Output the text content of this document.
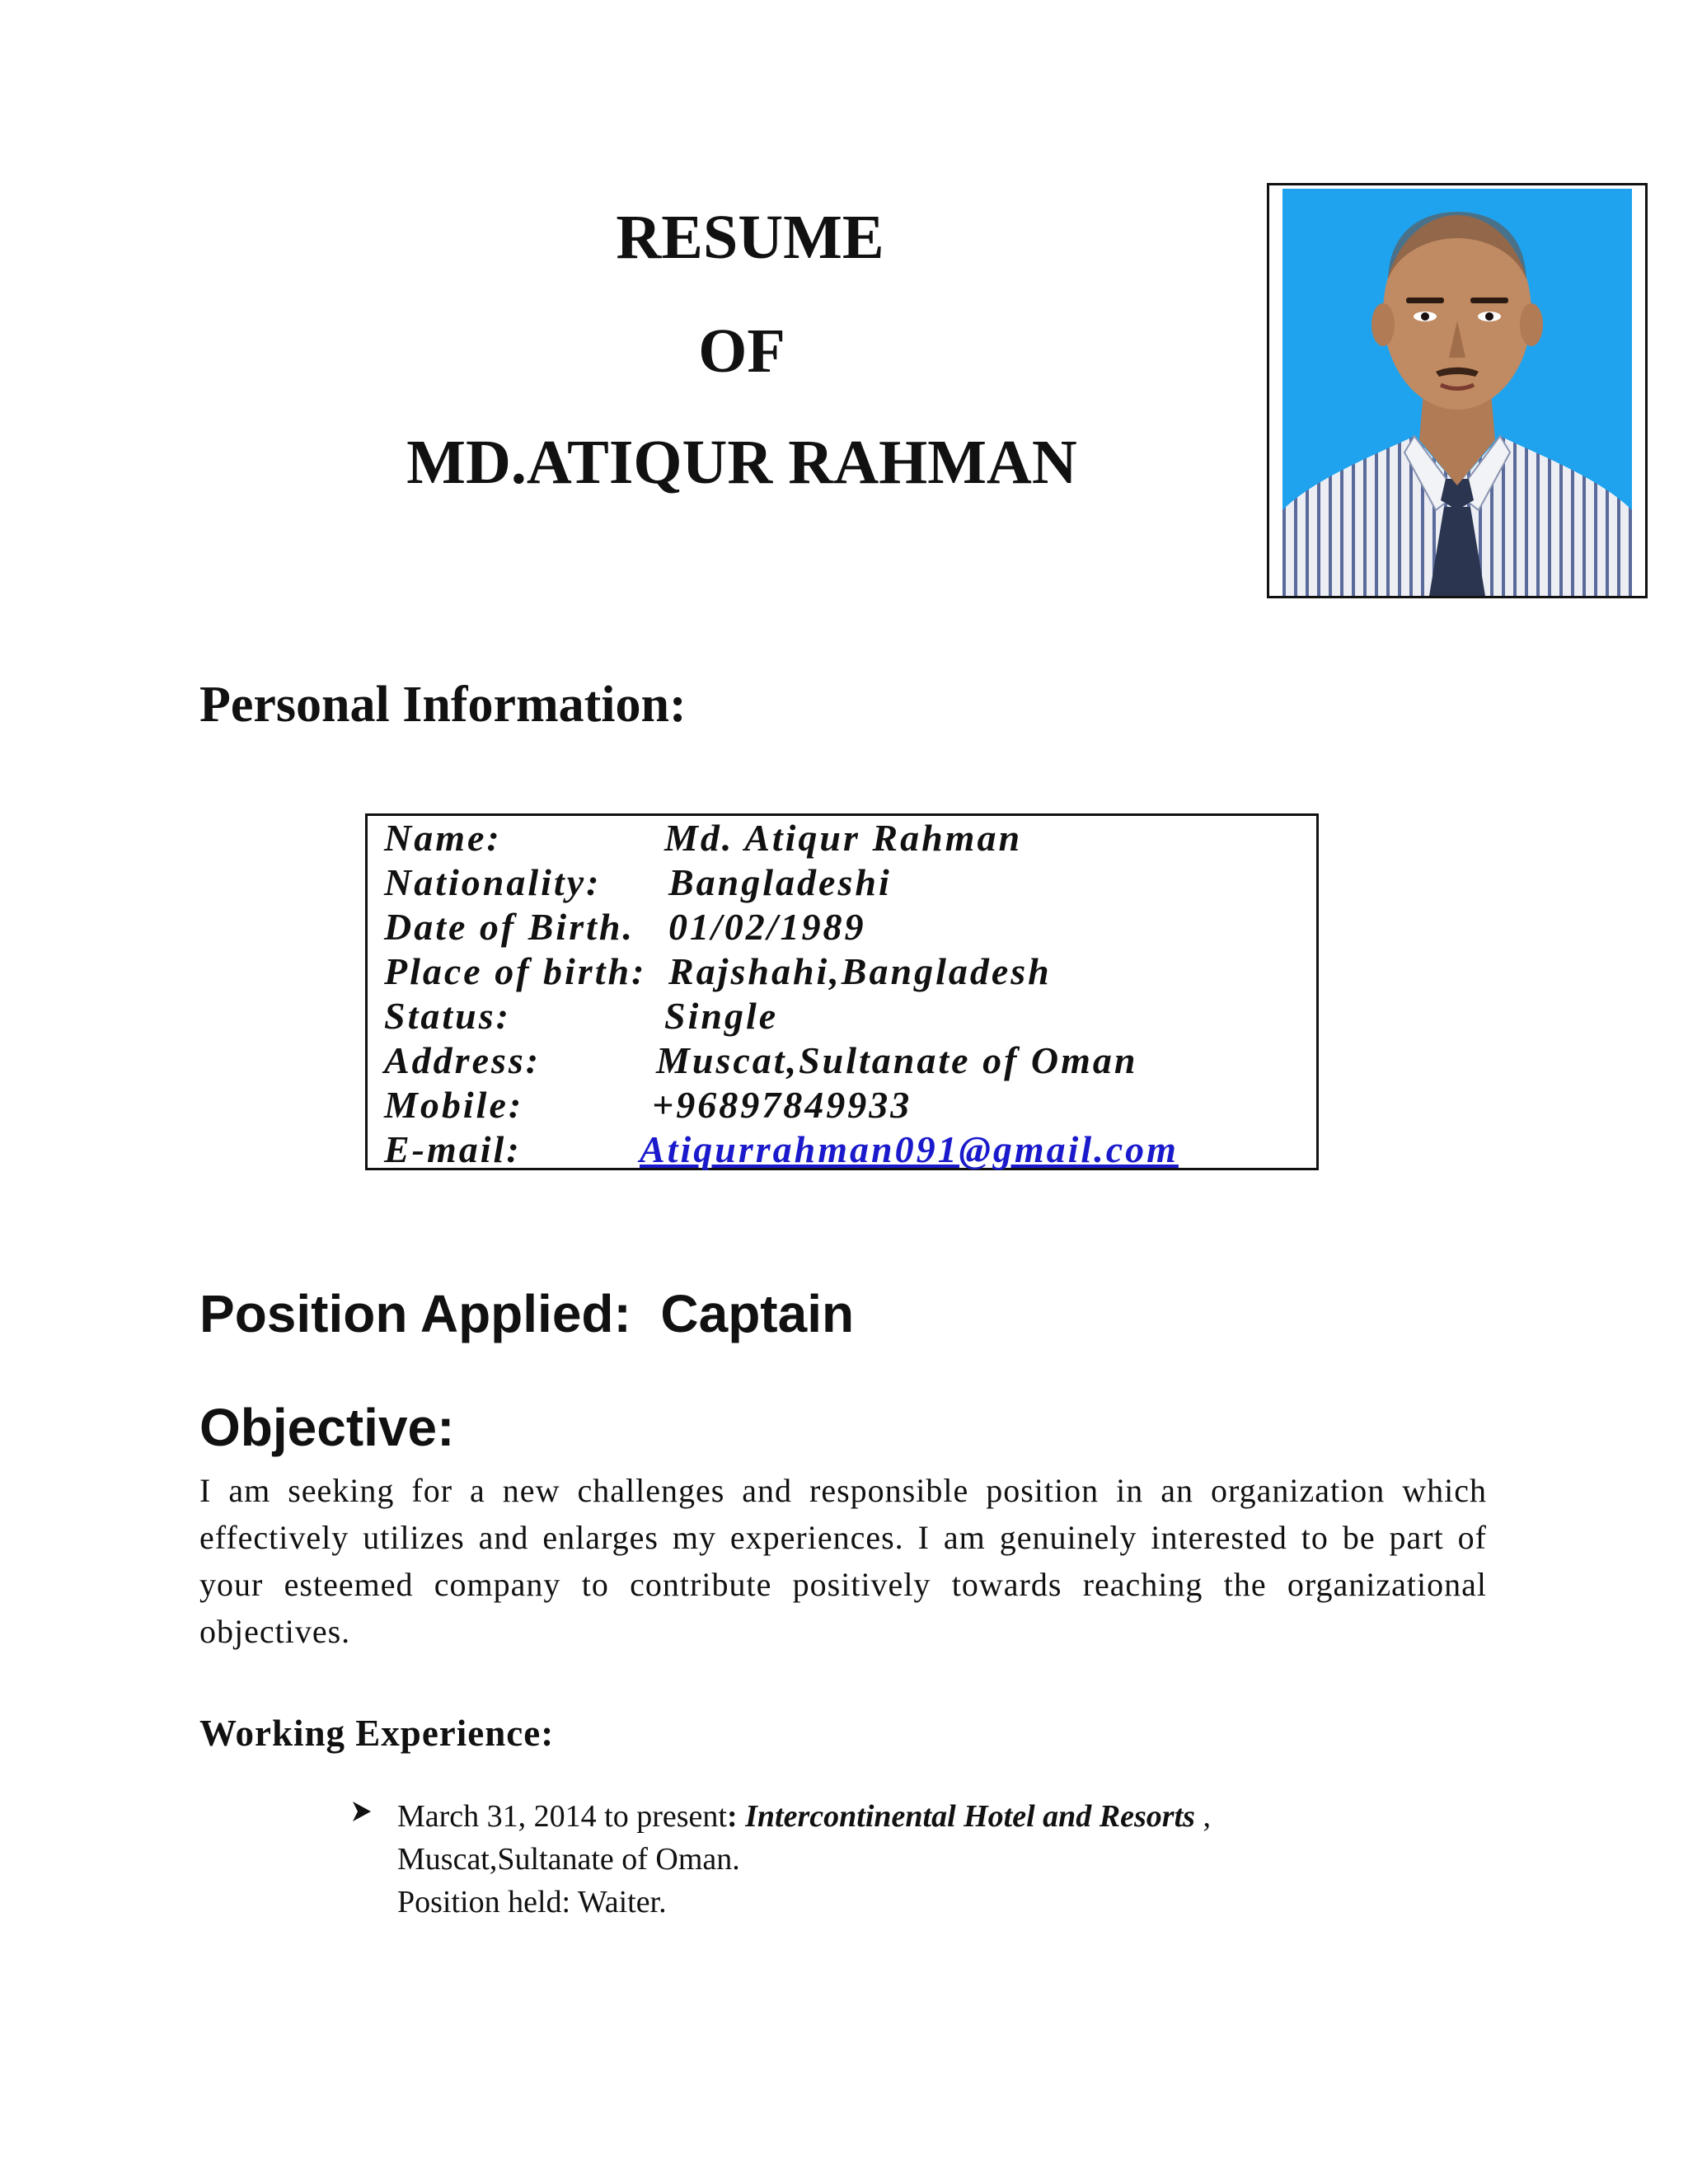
RESUME
OF
MD.ATIQUR RAHMAN
Personal Information:
Name:	Md. Atiqur Rahman
Nationality: Bangladeshi
Date of Birth. 01/02/1989
Place of birth: Rajshahi,Bangladesh
Status:	Single
Address:	Muscat,Sultanate of Oman
Mobile:	+96897849933
E-mail:	Atiqurrahman091@gmail.com
Position Applied: Captain
Objective:
I am seeking for a new challenges and responsible position in an organization which effectively utilizes and enlarges my experiences. I am genuinely interested to be part of your esteemed company to contribute positively towards reaching the organizational objectives.
Working Experience:
March 31, 2014 to present: Intercontinental Hotel and Resorts ,
Muscat,Sultanate of Oman.
Position held: Waiter.
